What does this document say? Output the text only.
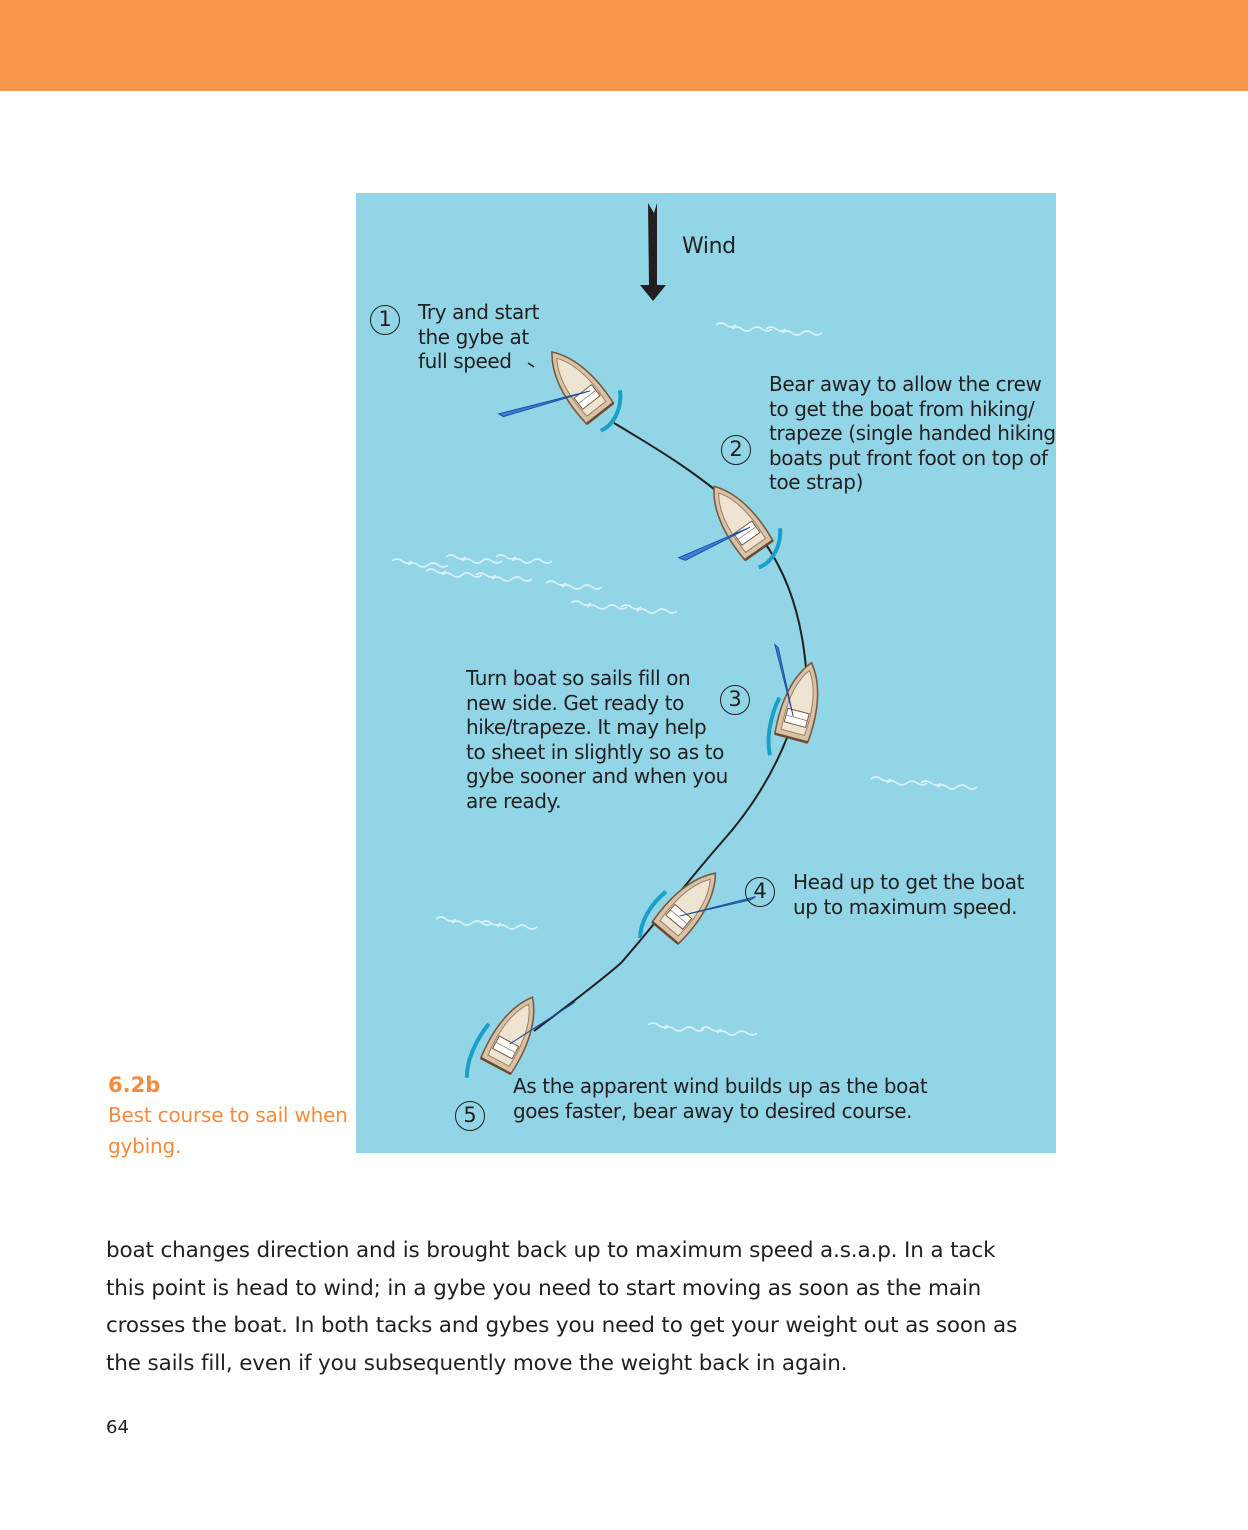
Wind
1	Try and start
the gybe at
full speed
2
Bear away to allow the crew
to get the boat from hiking/
trapeze (single handed hiking
boats put front foot on top of
toe strap)
3
Turn boat so sails fill on
new side. Get ready to
hike/trapeze. It may help
to sheet in slightly so as to
gybe sooner and when you
are ready.
4	Head up to get the boat
up to maximum speed.
5
As the apparent wind builds up as the boat
goes faster, bear away to desired course.
6.2b
Best course to sail when
gybing.

boat changes direction and is brought back up to maximum speed a.s.a.p. In a tack

this point is head to wind; in a gybe you need to start moving as soon as the main

crosses the boat. In both tacks and gybes you need to get your weight out as soon as

the sails fill, even if you subsequently move the weight back in again.

64
